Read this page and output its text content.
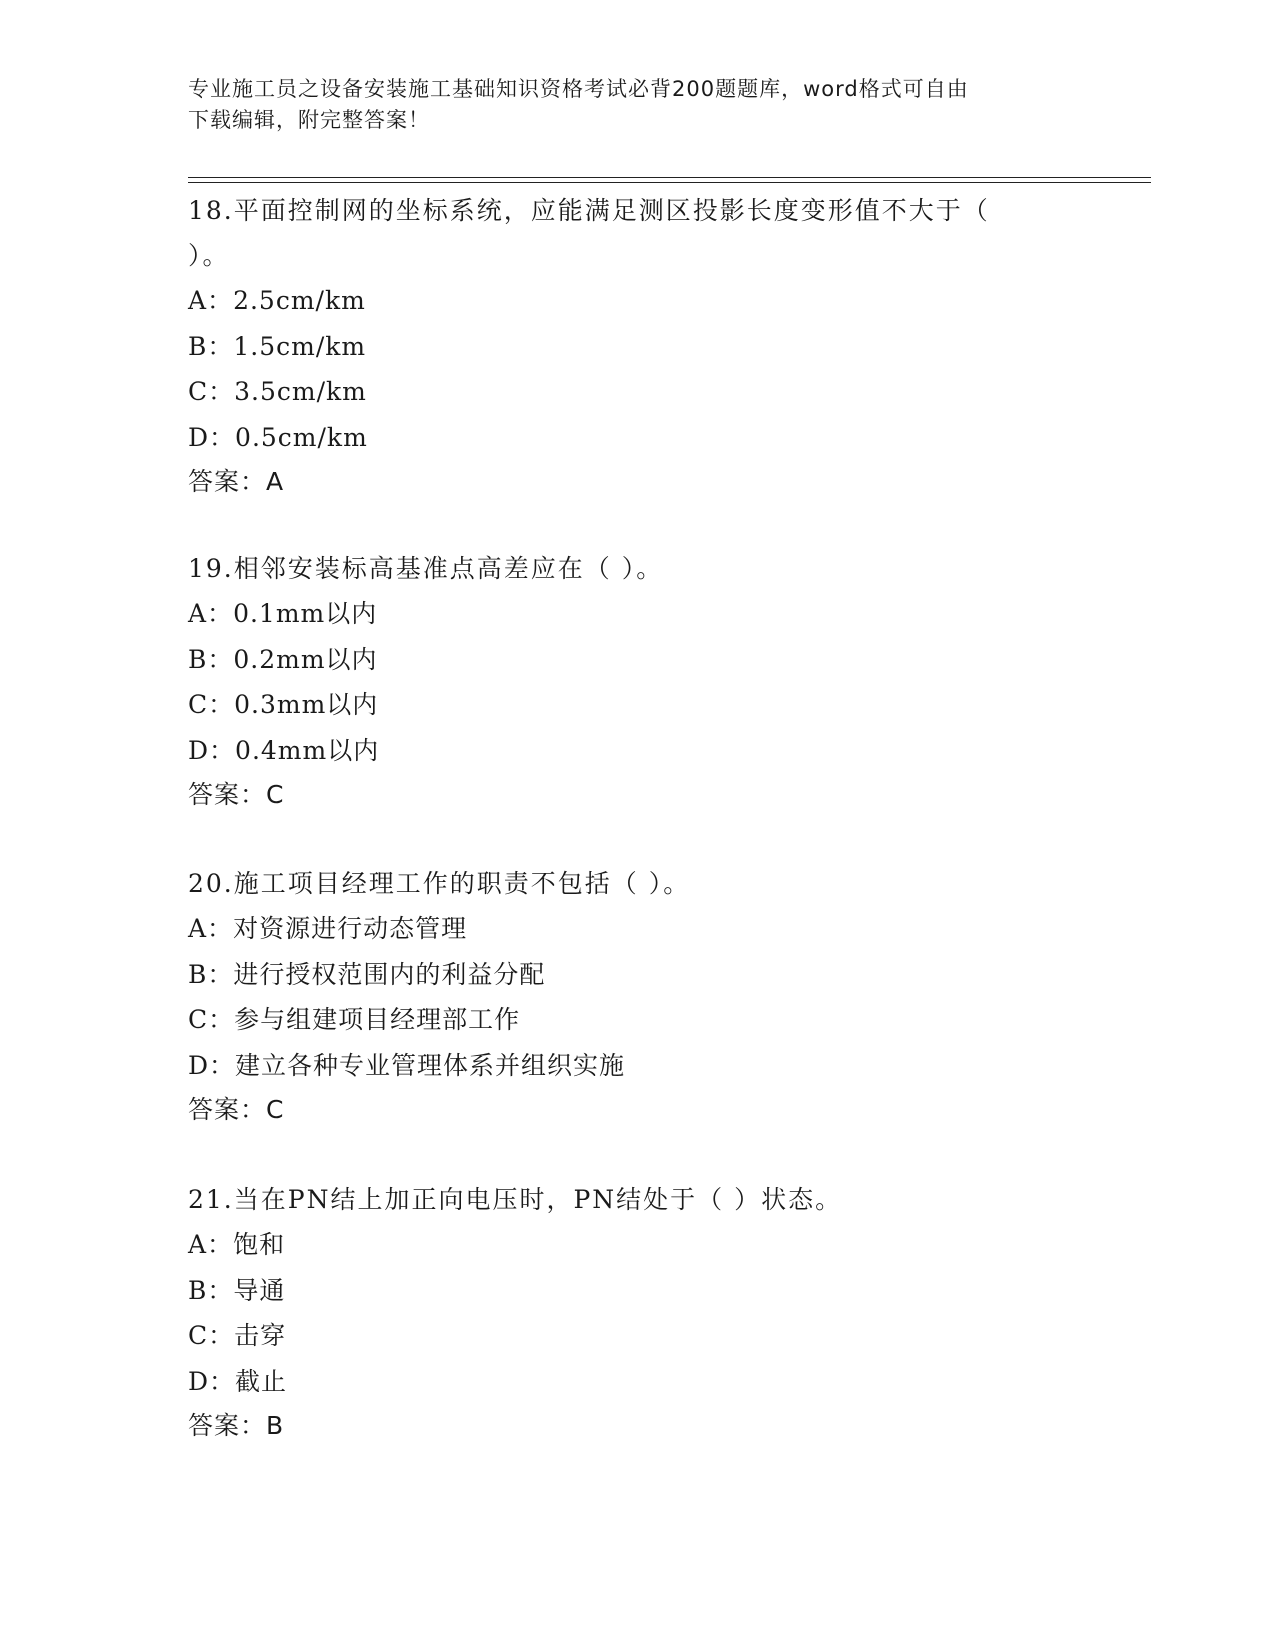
专业施工员之设备安装施工基础知识资格考试必背200题题库，word格式可自由
下载编辑，附完整答案！

18.平面控制网的坐标系统，应能满足测区投影长度变形值不大于（ ）。

A：2.5cm/km

B：1.5cm/km

C：3.5cm/km

D：0.5cm/km

答案：A

19.相邻安装标高基准点高差应在（ ）。

A：0.1mm以内

B：0.2mm以内

C：0.3mm以内

D：0.4mm以内

答案：C

20.施工项目经理工作的职责不包括（ ）。

A：对资源进行动态管理

B：进行授权范围内的利益分配

C：参与组建项目经理部工作

D：建立各种专业管理体系并组织实施

答案：C

21.当在PN结上加正向电压时，PN结处于（ ）状态。

A：饱和

B：导通

C：击穿

D：截止

答案：B
